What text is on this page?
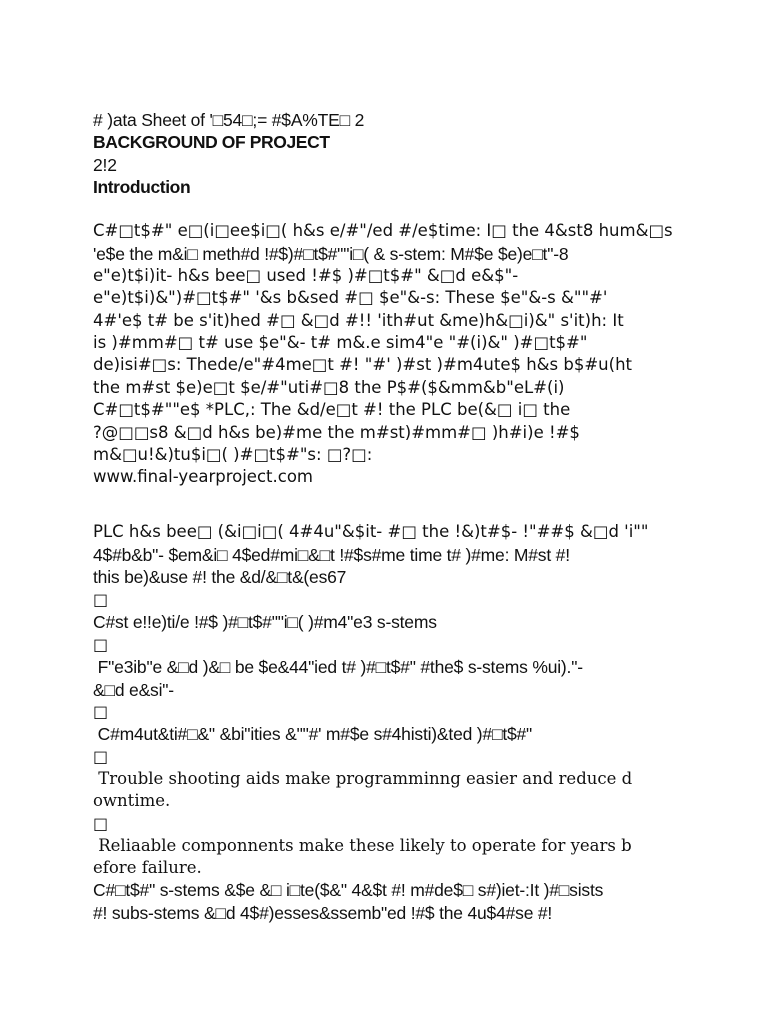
# )ata Sheet of '□54□;= #$A%TE□ 2
BACKGROUND OF PROJECT
2!2
Introduction
C#□t$#" e□(i□ee$i□( h&s e/#"/ed #/e$time: I□ the 4&st8 hum&□s
'e$e the m&i□ meth#d !#$)#□t$#""i□( & s-stem: M#$e $e)e□t"-8
e"e)t$i)it- h&s bee□ used !#$ )#□t$#" &□d e&$"-
e"e)t$i)&")#□t$#" '&s b&sed #□ $e"&-s: These $e"&-s &""#'
4#'e$ t# be s'it)hed #□ &□d #!! 'ith#ut &me)h&□i)&" s'it)h: It
is )#mm#□ t# use $e"&- t# m&.e sim4"e "#(i)&" )#□t$#"
de)isi#□s: Thede/e"#4me□t #! "#' )#st )#m4ute$ h&s b$#u(ht
the m#st $e)e□t $e/#"uti#□8 the P$#($&mm&b"eL#(i)
C#□t$#""e$ *PLC,: The &d/e□t #! the PLC be(&□ i□ the
?@□□s8 &□d h&s be)#me the m#st)#mm#□ )h#i)e !#$
m&□u!&)tu$i□( )#□t$#"s: □?□:
www.final-yearproject.com
PLC h&s bee□ (&i□i□( 4#4u"&$it- #□ the !&)t#$- !"##$ &□d 'i""
4$#b&b"- $em&i□ 4$ed#mi□&□t !#$s#me time t# )#me: M#st #!
this be)&use #! the &d/&□t&(es67
□
C#st e!!e)ti/e !#$ )#□t$#""i□( )#m4"e3 s-stems
□
F"e3ib"e &□d )&□ be $e&44"ied t# )#□t$#" #the$ s-stems %ui)."-
&□d e&si"-
□
C#m4ut&ti#□&" &bi"ities &""#' m#$e s#4histi)&ted )#□t$#"
□
Trouble shooting aids make programminng easier and reduce d
owntime.
□
Reliaable componnents make these likely to operate for years b
efore failure.
C#□t$#" s-stems &$e &□ i□te($&" 4&$t #! m#de$□ s#)iet-:It )#□sists
#! subs-stems &□d 4$#)esses&ssemb"ed !#$ the 4u$4#se #!
